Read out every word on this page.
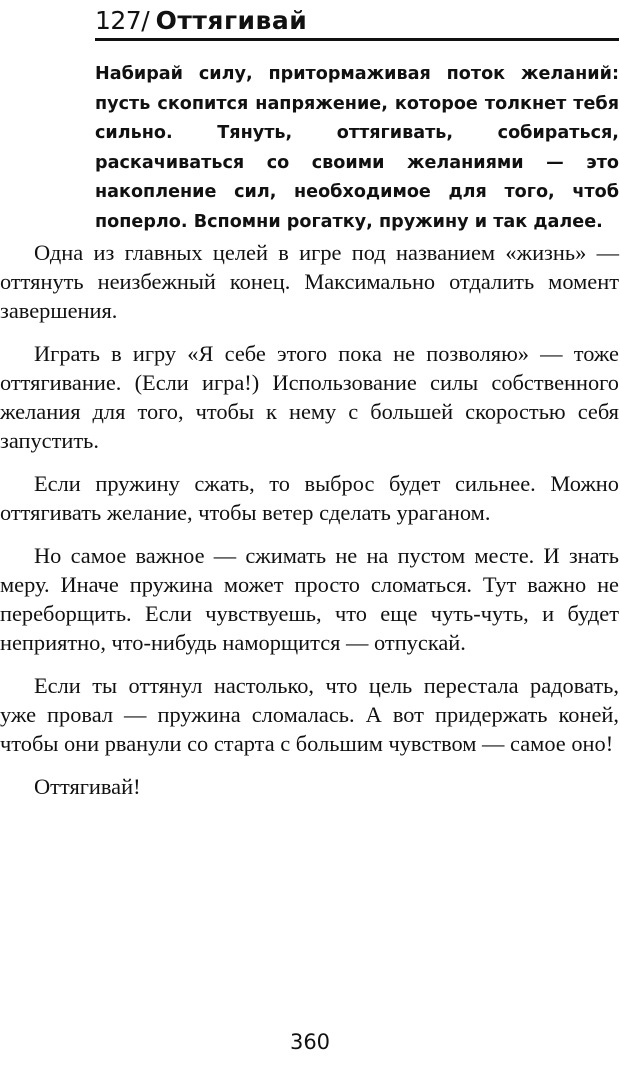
127 / Оттягивай
Набирай силу, притормаживая поток желаний: пусть скопится напряжение, которое толкнет тебя сильно. Тянуть, оттягивать, собираться, раскачиваться со своими желаниями — это накопление сил, необходимое для того, чтоб поперло. Вспомни рогатку, пружину и так далее.

Одна из главных целей в игре под названием «жизнь» — оттянуть неизбежный конец. Максимально отдалить момент завершения.

Играть в игру «Я себе этого пока не позволяю» — тоже оттягивание. (Если игра!) Использование силы собственного желания для того, чтобы к нему с большей скоростью себя запустить.

Если пружину сжать, то выброс будет сильнее. Можно оттягивать желание, чтобы ветер сделать ураганом.

Но самое важное — сжимать не на пустом месте. И знать меру. Иначе пружина может просто сломаться. Тут важно не переборщить. Если чувствуешь, что еще чуть-чуть, и будет неприятно, что-нибудь наморщится — отпускай.

Если ты оттянул настолько, что цель перестала радовать, уже провал — пружина сломалась. А вот придержать коней, чтобы они рванули со старта с большим чувством — самое оно!

Оттягивай!

360
